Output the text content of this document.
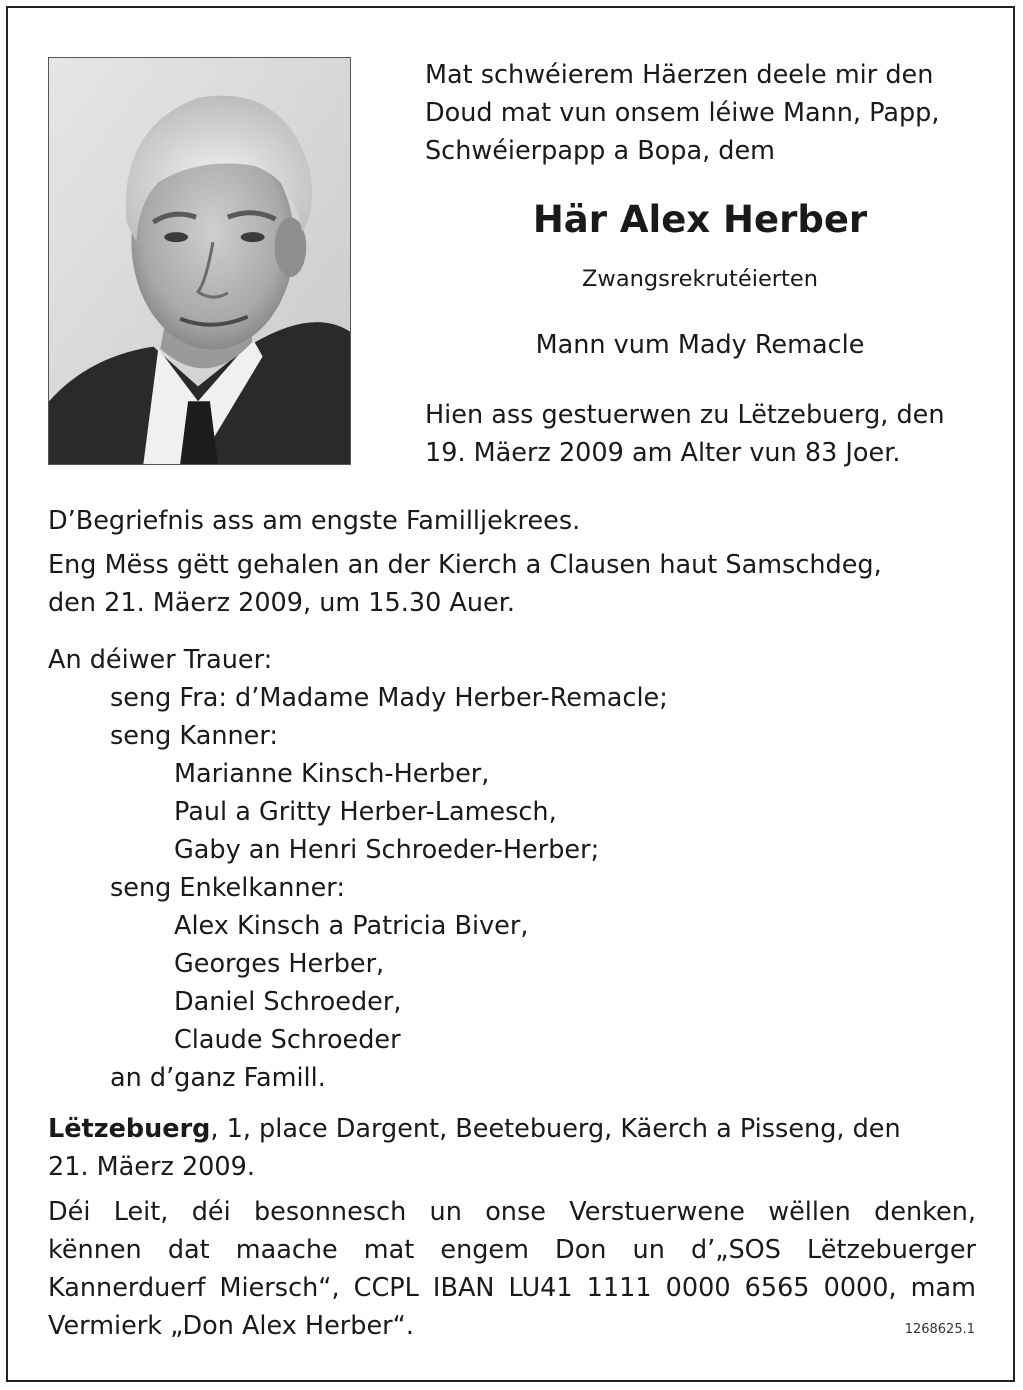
Mat schwéierem Häerzen deele mir den
Doud mat vun onsem léiwe Mann, Papp,
Schwéierpapp a Bopa, dem
Här Alex Herber
Zwangsrekrutéierten
Mann vum Mady Remacle
Hien ass gestuerwen zu Lëtzebuerg, den
19. Mäerz 2009 am Alter vun 83 Joer.
D’Begriefnis ass am engste Familljekrees.
Eng Mëss gëtt gehalen an der Kierch a Clausen haut Samschdeg,
den 21. Mäerz 2009, um 15.30 Auer.
An déiwer Trauer:
seng Fra: d’Madame Mady Herber-Remacle;
seng Kanner:
Marianne Kinsch-Herber,
Paul a Gritty Herber-Lamesch,
Gaby an Henri Schroeder-Herber;
seng Enkelkanner:
Alex Kinsch a Patricia Biver,
Georges Herber,
Daniel Schroeder,
Claude Schroeder
an d’ganz Famill.
Lëtzebuerg, 1, place Dargent, Beetebuerg, Käerch a Pisseng, den
21. Mäerz 2009.
Déi Leit, déi besonnesch un onse Verstuerwene wëllen denken,
kënnen dat maache mat engem Don un d’„SOS Lëtzebuerger
Kannerduerf Miersch“, CCPL IBAN LU41 1111 0000 6565 0000, mam
Vermierk „Don Alex Herber“.	1268625.1
